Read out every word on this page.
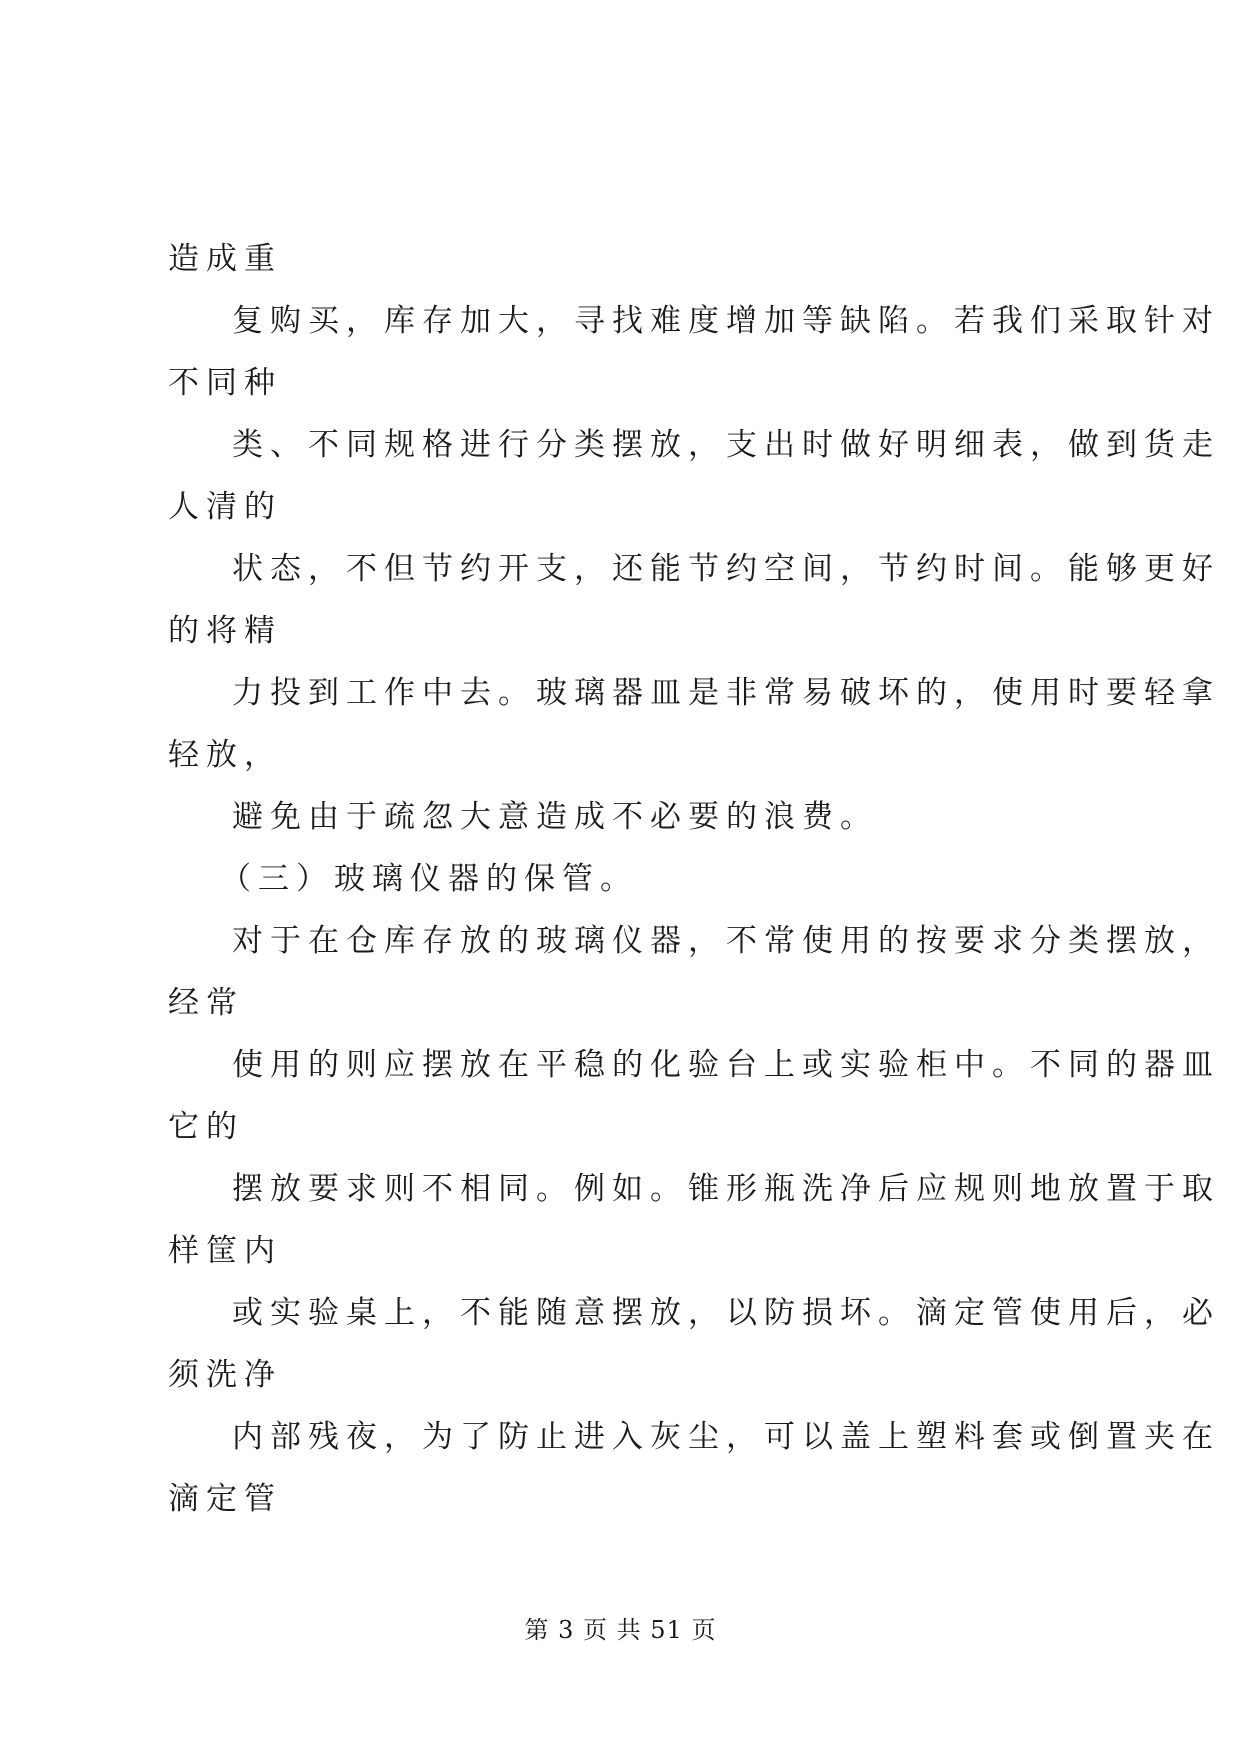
造成重
复购买，库存加大，寻找难度增加等缺陷。若我们采取针对
不同种
类、不同规格进行分类摆放，支出时做好明细表，做到货走
人清的
状态，不但节约开支，还能节约空间，节约时间。能够更好
的将精
力投到工作中去。玻璃器皿是非常易破坏的，使用时要轻拿
轻放，
避免由于疏忽大意造成不必要的浪费。
（三）玻璃仪器的保管。
对于在仓库存放的玻璃仪器，不常使用的按要求分类摆放，
经常
使用的则应摆放在平稳的化验台上或实验柜中。不同的器皿
它的
摆放要求则不相同。例如。锥形瓶洗净后应规则地放置于取
样筐内
或实验桌上，不能随意摆放，以防损坏。滴定管使用后，必
须洗净
内部残夜，为了防止进入灰尘，可以盖上塑料套或倒置夹在
滴定管
第 3 页 共 51 页
